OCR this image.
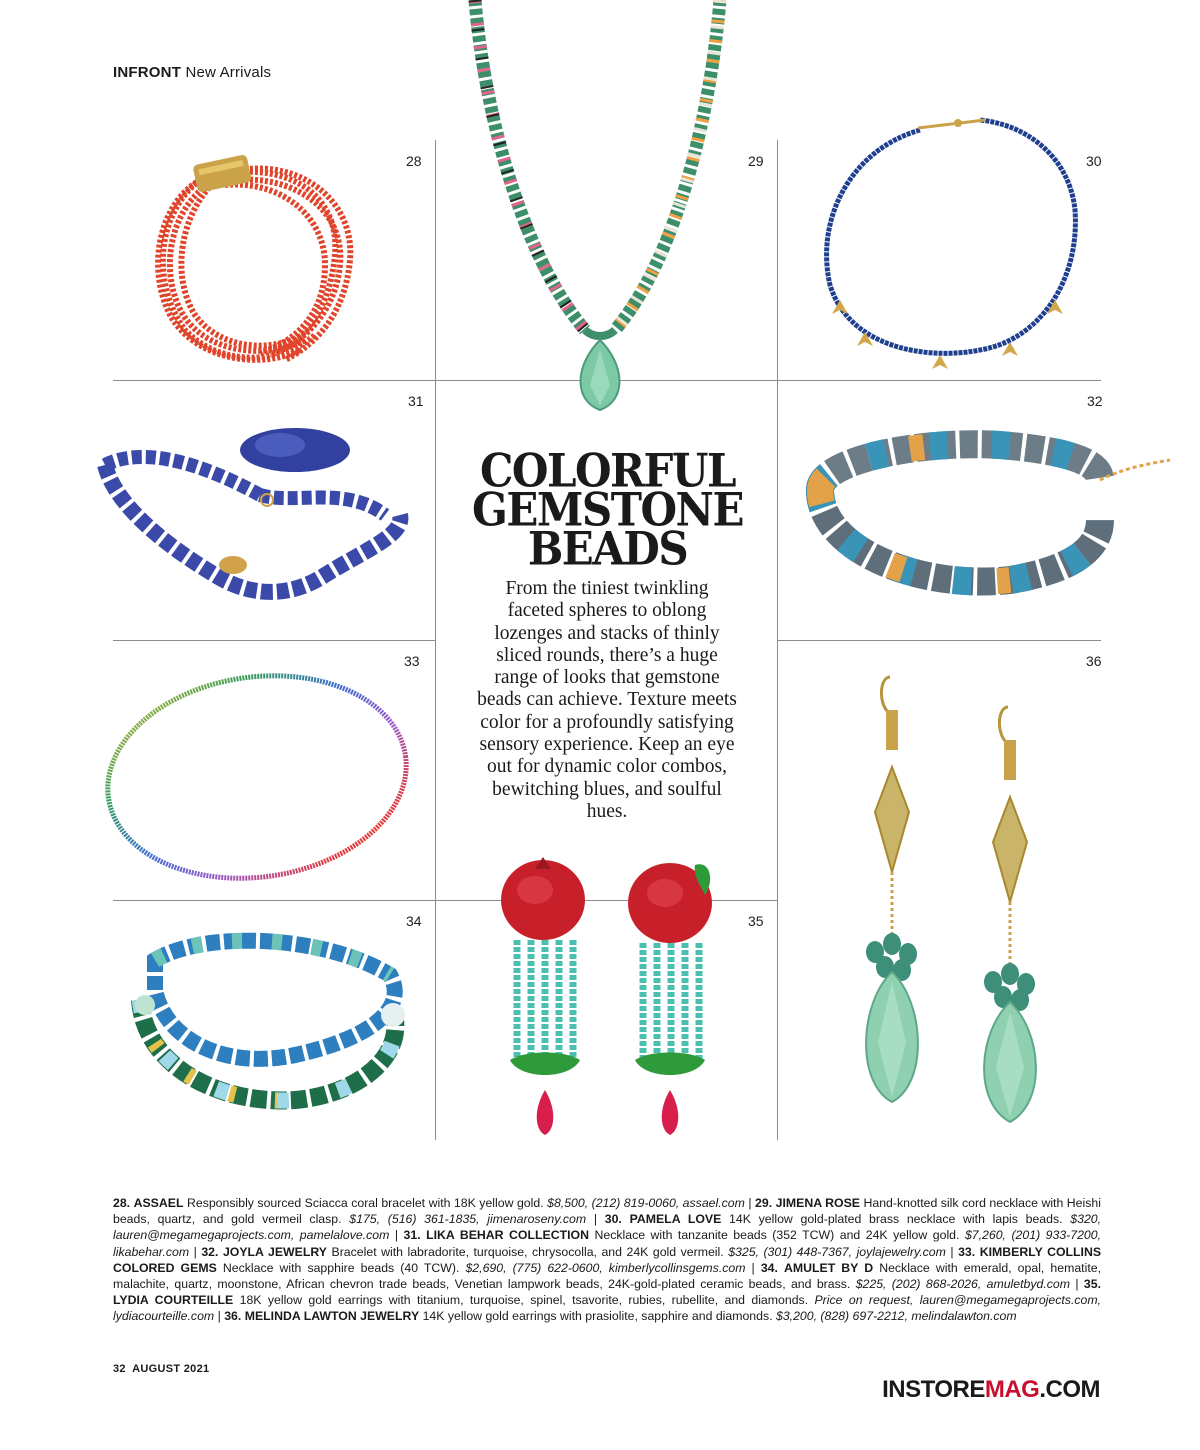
INFRONT New Arrivals
28	29	30
31	32
33	36
34	35
COLORFUL
GEMSTONE
BEADS
From the tiniest twinkling faceted spheres to oblong lozenges and stacks of thinly sliced rounds, there’s a huge range of looks that gemstone beads can achieve. Texture meets color for a profoundly satisfying sensory experience. Keep an eye out for dynamic color combos, bewitching blues, and soulful hues.
28. ASSAEL Responsibly sourced Sciacca coral bracelet with 18K yellow gold. $8,500, (212) 819-0060, assael.com | 29. JIMENA ROSE Hand-knotted silk cord necklace with Heishi beads, quartz, and gold vermeil clasp. $175, (516) 361-1835, jimenaroseny.com | 30. PAMELA LOVE 14K yellow gold-plated brass necklace with lapis beads. $320, lauren@megamegaprojects.com, pamelalove.com | 31. LIKA BEHAR COLLECTION Necklace with tanzanite beads (352 TCW) and 24K yellow gold. $7,260, (201) 933-7200, likabehar.com | 32. JOYLA JEWELRY Bracelet with labradorite, turquoise, chrysocolla, and 24K gold vermeil. $325, (301) 448-7367, joylajewelry.com | 33. KIMBERLY COLLINS COLORED GEMS Necklace with sapphire beads (40 TCW). $2,690, (775) 622-0600, kimberlycollinsgems.com | 34. AMULET BY D Necklace with emerald, opal, hematite, malachite, quartz, moonstone, African chevron trade beads, Venetian lampwork beads, 24K-gold-plated ceramic beads, and brass. $225, (202) 868-2026, amuletbyd.com | 35. LYDIA COURTEILLE 18K yellow gold earrings with titanium, turquoise, spinel, tsavorite, rubies, rubellite, and diamonds. Price on request, lauren@megamegaprojects.com, lydiacourteille.com | 36. MELINDA LAWTON JEWELRY 14K yellow gold earrings with prasiolite, sapphire and diamonds. $3,200, (828) 697-2212, melindalawton.com
32 AUGUST 2021
INSTOREMAG.COM
